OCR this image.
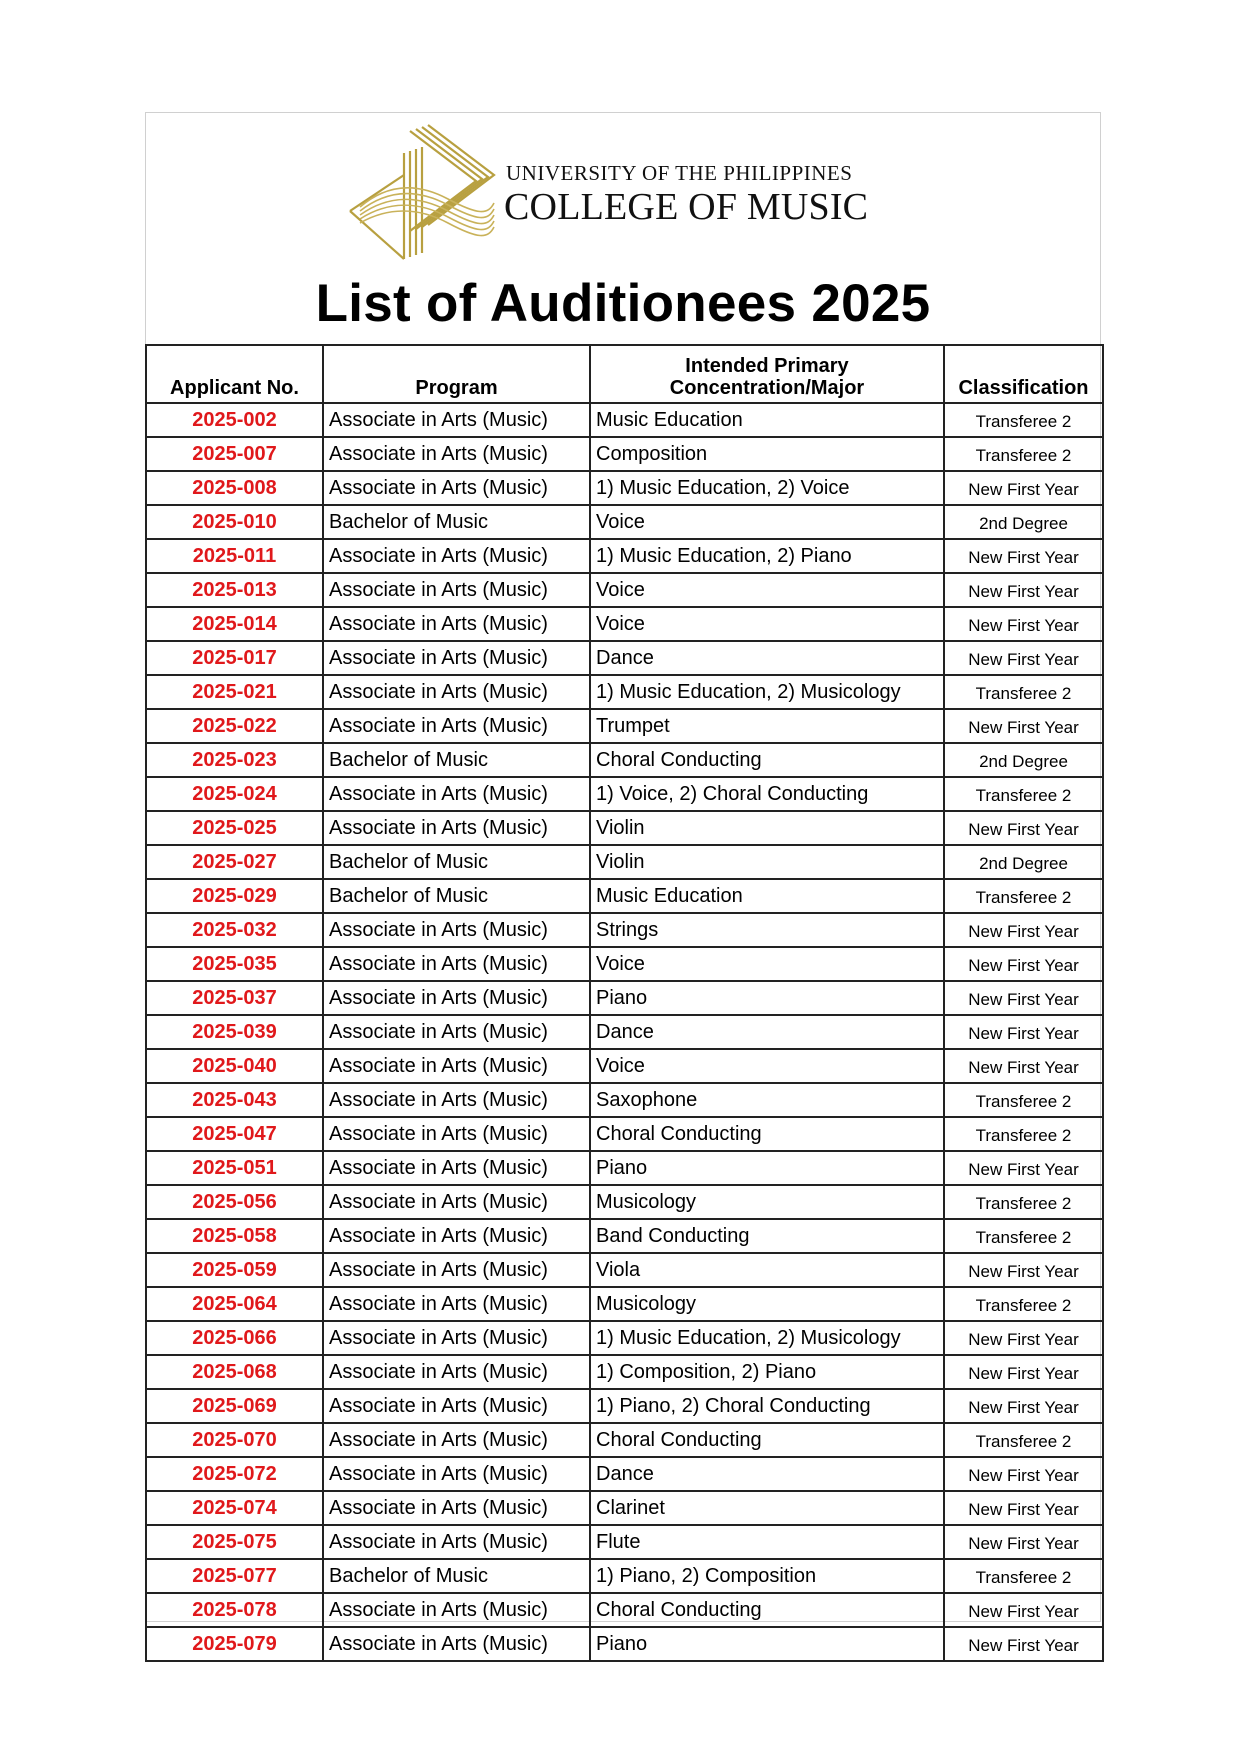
UNIVERSITY OF THE PHILIPPINES
COLLEGE OF MUSIC
List of Auditionees 2025
Applicant No.	Program	Intended Primary
Concentration/Major	Classification
2025-002	Associate in Arts (Music)	Music Education	Transferee 2
2025-007	Associate in Arts (Music)	Composition	Transferee 2
2025-008	Associate in Arts (Music)	1) Music Education, 2) Voice	New First Year
2025-010	Bachelor of Music	Voice	2nd Degree
2025-011	Associate in Arts (Music)	1) Music Education, 2) Piano	New First Year
2025-013	Associate in Arts (Music)	Voice	New First Year
2025-014	Associate in Arts (Music)	Voice	New First Year
2025-017	Associate in Arts (Music)	Dance	New First Year
2025-021	Associate in Arts (Music)	1) Music Education, 2) Musicology	Transferee 2
2025-022	Associate in Arts (Music)	Trumpet	New First Year
2025-023	Bachelor of Music	Choral Conducting	2nd Degree
2025-024	Associate in Arts (Music)	1) Voice, 2) Choral Conducting	Transferee 2
2025-025	Associate in Arts (Music)	Violin	New First Year
2025-027	Bachelor of Music	Violin	2nd Degree
2025-029	Bachelor of Music	Music Education	Transferee 2
2025-032	Associate in Arts (Music)	Strings	New First Year
2025-035	Associate in Arts (Music)	Voice	New First Year
2025-037	Associate in Arts (Music)	Piano	New First Year
2025-039	Associate in Arts (Music)	Dance	New First Year
2025-040	Associate in Arts (Music)	Voice	New First Year
2025-043	Associate in Arts (Music)	Saxophone	Transferee 2
2025-047	Associate in Arts (Music)	Choral Conducting	Transferee 2
2025-051	Associate in Arts (Music)	Piano	New First Year
2025-056	Associate in Arts (Music)	Musicology	Transferee 2
2025-058	Associate in Arts (Music)	Band Conducting	Transferee 2
2025-059	Associate in Arts (Music)	Viola	New First Year
2025-064	Associate in Arts (Music)	Musicology	Transferee 2
2025-066	Associate in Arts (Music)	1) Music Education, 2) Musicology	New First Year
2025-068	Associate in Arts (Music)	1) Composition, 2) Piano	New First Year
2025-069	Associate in Arts (Music)	1) Piano, 2) Choral Conducting	New First Year
2025-070	Associate in Arts (Music)	Choral Conducting	Transferee 2
2025-072	Associate in Arts (Music)	Dance	New First Year
2025-074	Associate in Arts (Music)	Clarinet	New First Year
2025-075	Associate in Arts (Music)	Flute	New First Year
2025-077	Bachelor of Music	1) Piano, 2) Composition	Transferee 2
2025-078	Associate in Arts (Music)	Choral Conducting	New First Year
2025-079	Associate in Arts (Music)	Piano	New First Year
